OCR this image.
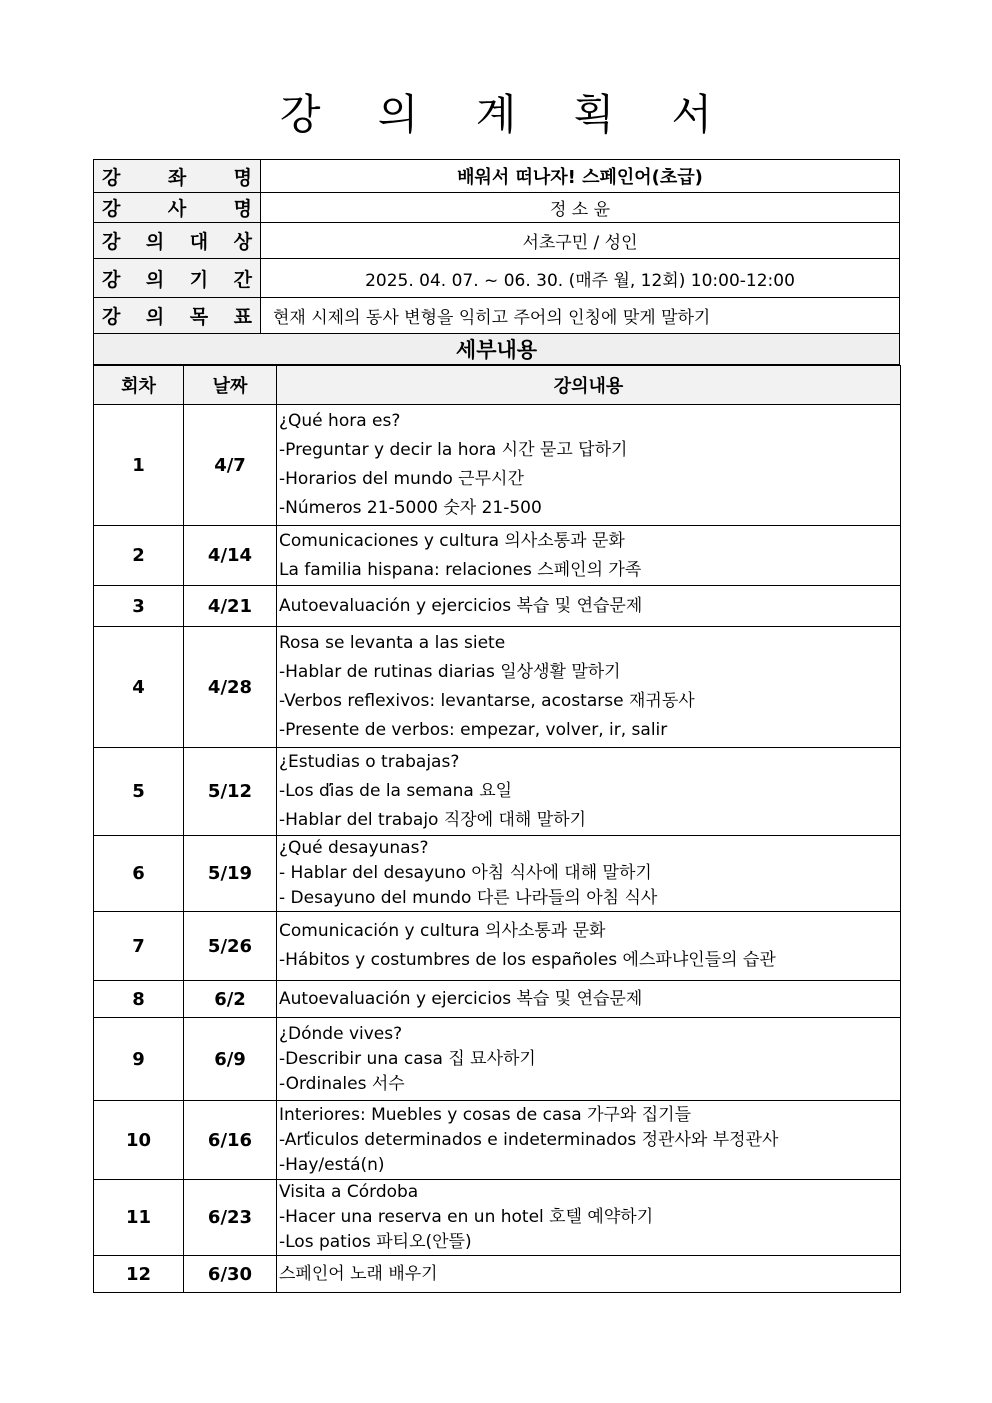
강 의 계 획 서
강 좌 명	배워서 떠나자! 스페인어(초급)

강 사 명	정 소 윤

강 의 대 상	서초구민 / 성인

강 의 기 간	2025. 04. 07. ~ 06. 30. (매주 월, 12회) 10:00-12:00

강 의 목 표	현재 시제의 동사 변형을 익히고 주어의 인칭에 맞게 말하기
세부내용	
회차	날짜	강의내용
1	4/7	¿Qué hora es?
-Preguntar y decir la hora 시간 묻고 답하기
-Horarios del mundo 근무시간
-Números 21-5000 숫자 21-500

2	4/14	Comunicaciones y cultura 의사소통과 문화
La familia hispana: relaciones 스페인의 가족

3	4/21	Autoevaluación y ejercicios 복습 및 연습문제

4	4/28	Rosa se levanta a las siete
-Hablar de rutinas diarias 일상생활 말하기
-Verbos reflexivos: levantarse, acostarse 재귀동사
-Presente de verbos: empezar, volver, ir, salir

5	5/12	¿Estudias o trabajas?
-Los ďias de la semana 요일
-Hablar del trabajo 직장에 대해 말하기

6	5/19	¿Qué desayunas?
- Hablar del desayuno 아침 식사에 대해 말하기
- Desayuno del mundo 다른 나라들의 아침 식사

7	5/26	Comunicación y cultura 의사소통과 문화
-Hábitos y costumbres de los españoles 에스파냐인들의 습관

8	6/2	Autoevaluación y ejercicios 복습 및 연습문제

9	6/9	¿Dónde vives?
-Describir una casa 집 묘사하기
-Ordinales 서수

10	6/16	Interiores: Muebles y cosas de casa 가구와 집기들
-Arťiculos determinados e indeterminados 정관사와 부정관사
-Hay/está(n)

11	6/23	Visita a Córdoba
-Hacer una reserva en un hotel 호텔 예약하기
-Los patios 파티오(안뜰)

12	6/30	스페인어 노래 배우기
